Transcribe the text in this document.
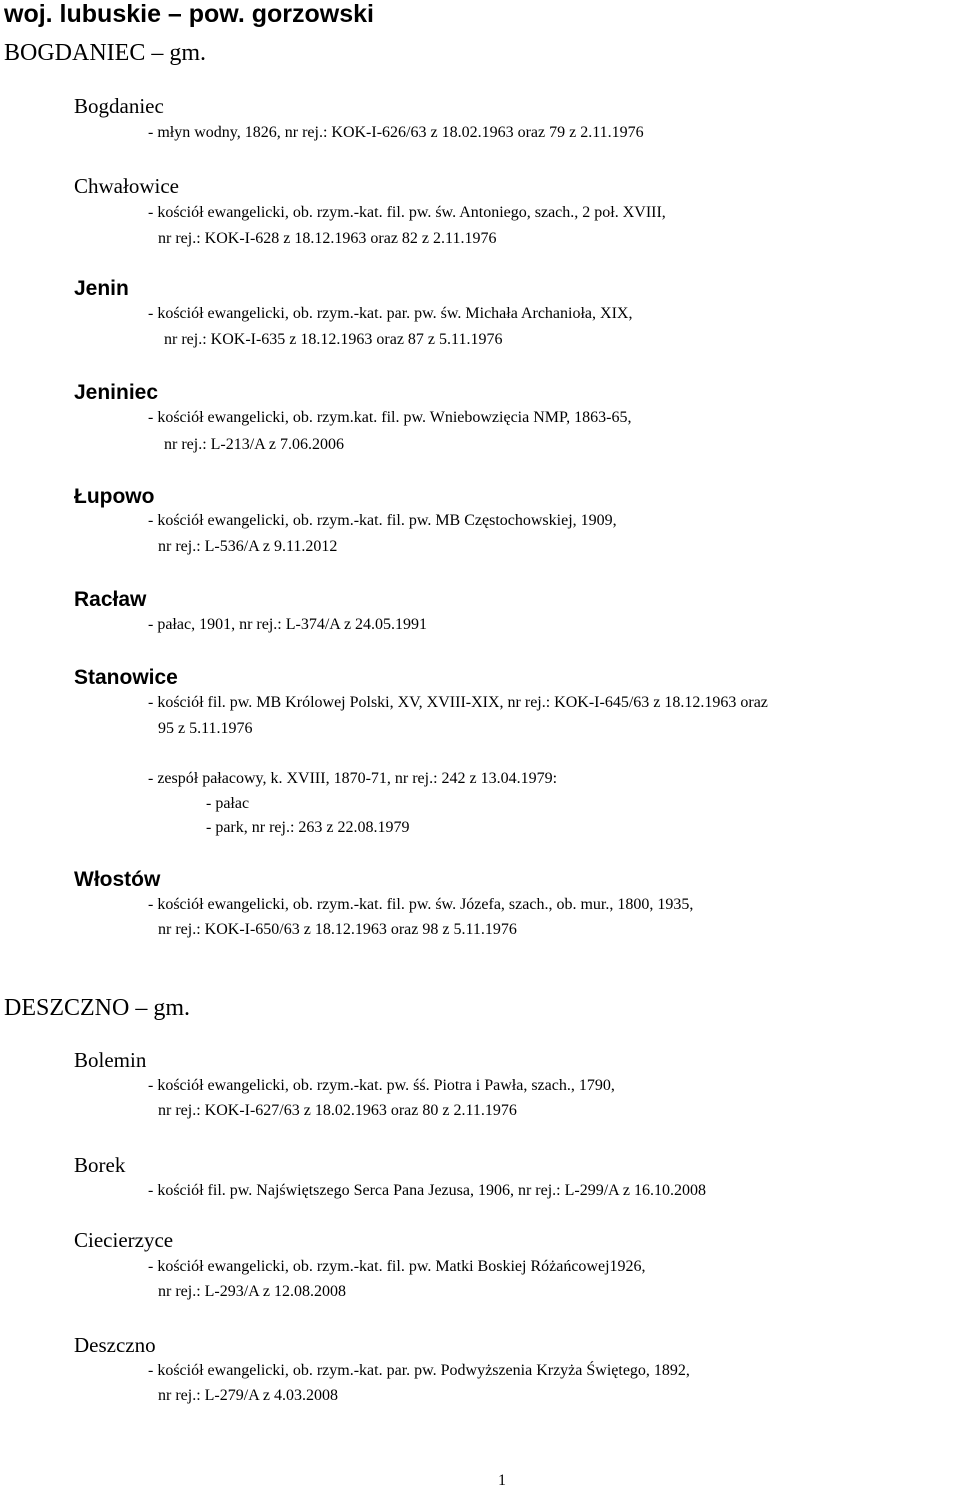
woj. lubuskie – pow. gorzowski
BOGDANIEC – gm.
Bogdaniec
- młyn wodny, 1826, nr rej.: KOK-I-626/63 z 18.02.1963 oraz 79 z 2.11.1976
Chwałowice
- kościół ewangelicki, ob. rzym.-kat. fil. pw. św. Antoniego, szach., 2 poł. XVIII,
nr rej.: KOK-I-628 z 18.12.1963 oraz 82 z 2.11.1976
Jenin
- kościół ewangelicki, ob. rzym.-kat. par. pw. św. Michała Archanioła, XIX,
nr rej.: KOK-I-635 z 18.12.1963 oraz 87 z 5.11.1976
Jeniniec
- kościół ewangelicki, ob. rzym.kat. fil. pw. Wniebowzięcia NMP, 1863-65,
nr rej.: L-213/A z 7.06.2006
Łupowo
- kościół ewangelicki, ob. rzym.-kat. fil. pw. MB Częstochowskiej, 1909,
nr rej.: L-536/A z 9.11.2012
Racław
- pałac, 1901, nr rej.: L-374/A z 24.05.1991
Stanowice
- kościół fil. pw. MB Królowej Polski, XV, XVIII-XIX, nr rej.: KOK-I-645/63 z 18.12.1963 oraz
95 z 5.11.1976
- zespół pałacowy, k. XVIII, 1870-71, nr rej.: 242 z 13.04.1979:
- pałac
- park, nr rej.: 263 z 22.08.1979
Włostów
- kościół ewangelicki, ob. rzym.-kat. fil. pw. św. Józefa, szach., ob. mur., 1800, 1935,
nr rej.: KOK-I-650/63 z 18.12.1963 oraz 98 z 5.11.1976
DESZCZNO – gm.
Bolemin
- kościół ewangelicki, ob. rzym.-kat. pw. śś. Piotra i Pawła, szach., 1790,
nr rej.: KOK-I-627/63 z 18.02.1963 oraz 80 z 2.11.1976
Borek
- kościół fil. pw. Najświętszego Serca Pana Jezusa, 1906, nr rej.: L-299/A z 16.10.2008
Ciecierzyce
- kościół ewangelicki, ob. rzym.-kat. fil. pw. Matki Boskiej Różańcowej1926,
nr rej.: L-293/A z 12.08.2008
Deszczno
- kościół ewangelicki, ob. rzym.-kat. par. pw. Podwyższenia Krzyża Świętego, 1892,
nr rej.: L-279/A z 4.03.2008
1
